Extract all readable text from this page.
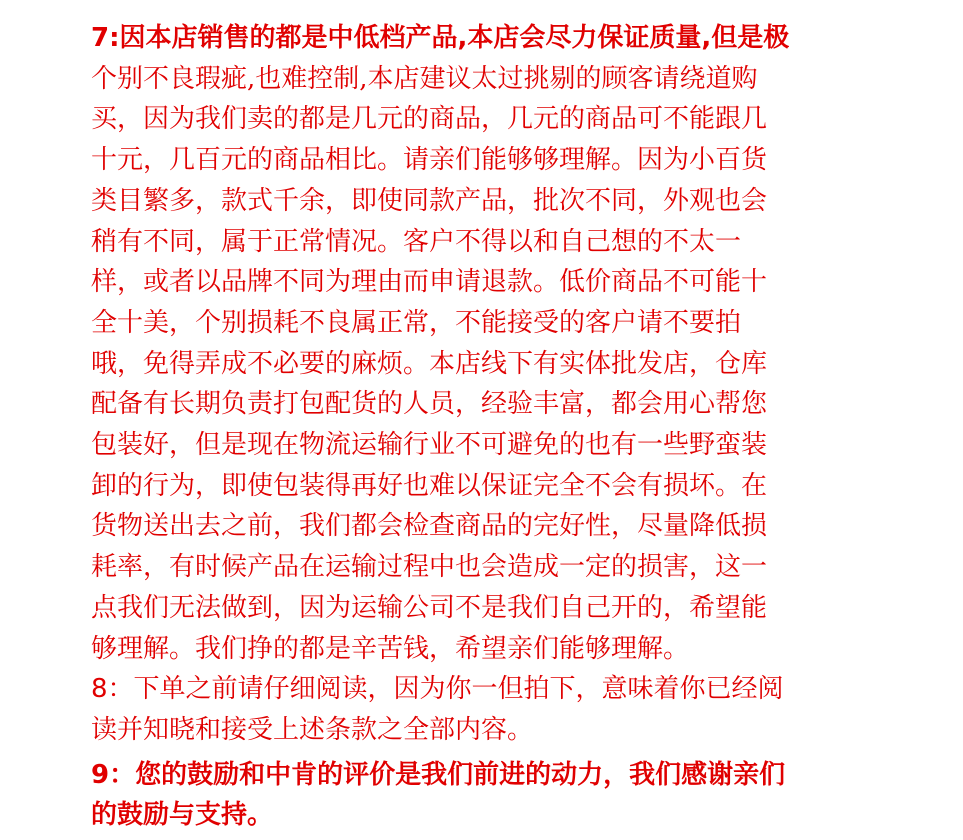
7:因本店销售的都是中低档产品,本店会尽力保证质量,但是极
个别不良瑕疵,也难控制,本店建议太过挑剔的顾客请绕道购
买，因为我们卖的都是几元的商品，几元的商品可不能跟几
十元，几百元的商品相比。请亲们能够够理解。因为小百货
类目繁多，款式千余，即使同款产品，批次不同，外观也会
稍有不同，属于正常情况。客户不得以和自己想的不太一
样，或者以品牌不同为理由而申请退款。低价商品不可能十
全十美，个别损耗不良属正常，不能接受的客户请不要拍
哦，免得弄成不必要的麻烦。本店线下有实体批发店，仓库
配备有长期负责打包配货的人员，经验丰富，都会用心帮您
包装好，但是现在物流运输行业不可避免的也有一些野蛮装
卸的行为，即使包装得再好也难以保证完全不会有损坏。在
货物送出去之前，我们都会检查商品的完好性，尽量降低损
耗率，有时候产品在运输过程中也会造成一定的损害，这一
点我们无法做到，因为运输公司不是我们自己开的，希望能
够理解。我们挣的都是辛苦钱，希望亲们能够理解。
8：下单之前请仔细阅读，因为你一但拍下，意味着你已经阅
读并知晓和接受上述条款之全部内容。
9：您的鼓励和中肯的评价是我们前进的动力，我们感谢亲们
的鼓励与支持。
